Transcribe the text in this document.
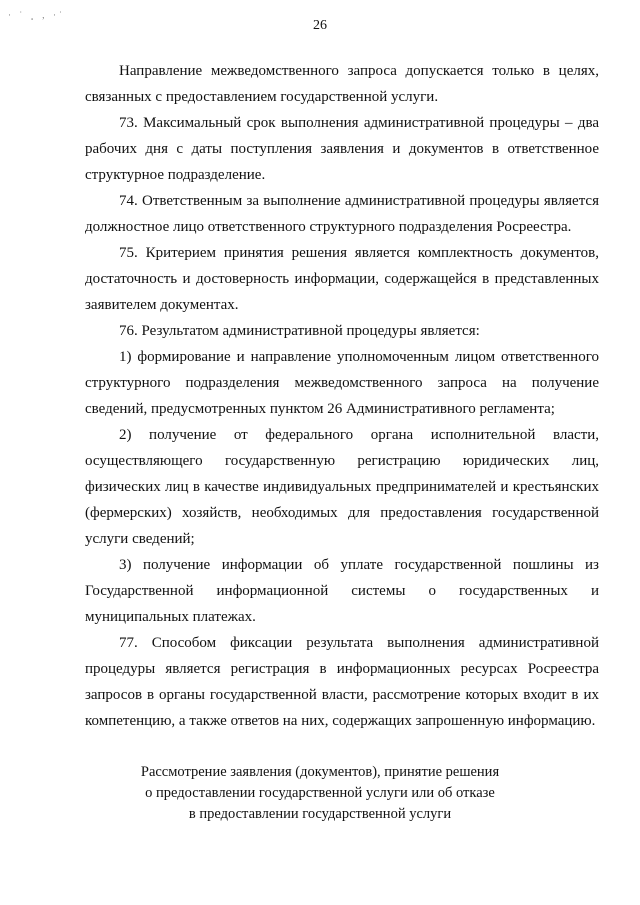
· ˙ ¸ ‚ ·˙
26

Направление межведомственного запроса допускается только в целях, связанных с предоставлением государственной услуги.

73. Максимальный срок выполнения административной процедуры – два рабочих дня с даты поступления заявления и документов в ответственное структурное подразделение.

74. Ответственным за выполнение административной процедуры является должностное лицо ответственного структурного подразделения Росреестра.

75. Критерием принятия решения является комплектность документов, достаточность и достоверность информации, содержащейся в представленных заявителем документах.

76. Результатом административной процедуры является:

1) формирование и направление уполномоченным лицом ответственного структурного подразделения межведомственного запроса на получение сведений, предусмотренных пунктом 26 Административного регламента;

2) получение от федерального органа исполнительной власти, осуществляющего государственную регистрацию юридических лиц, физических лиц в качестве индивидуальных предпринимателей и крестьянских (фермерских) хозяйств, необходимых для предоставления государственной услуги сведений;

3) получение информации об уплате государственной пошлины из Государственной информационной системы о государственных и муниципальных платежах.

77. Способом фиксации результата выполнения административной процедуры является регистрация в информационных ресурсах Росреестра запросов в органы государственной власти, рассмотрение которых входит в их компетенцию, а также ответов на них, содержащих запрошенную информацию.

Рассмотрение заявления (документов), принятие решения
о предоставлении государственной услуги или об отказе
в предоставлении государственной услуги
